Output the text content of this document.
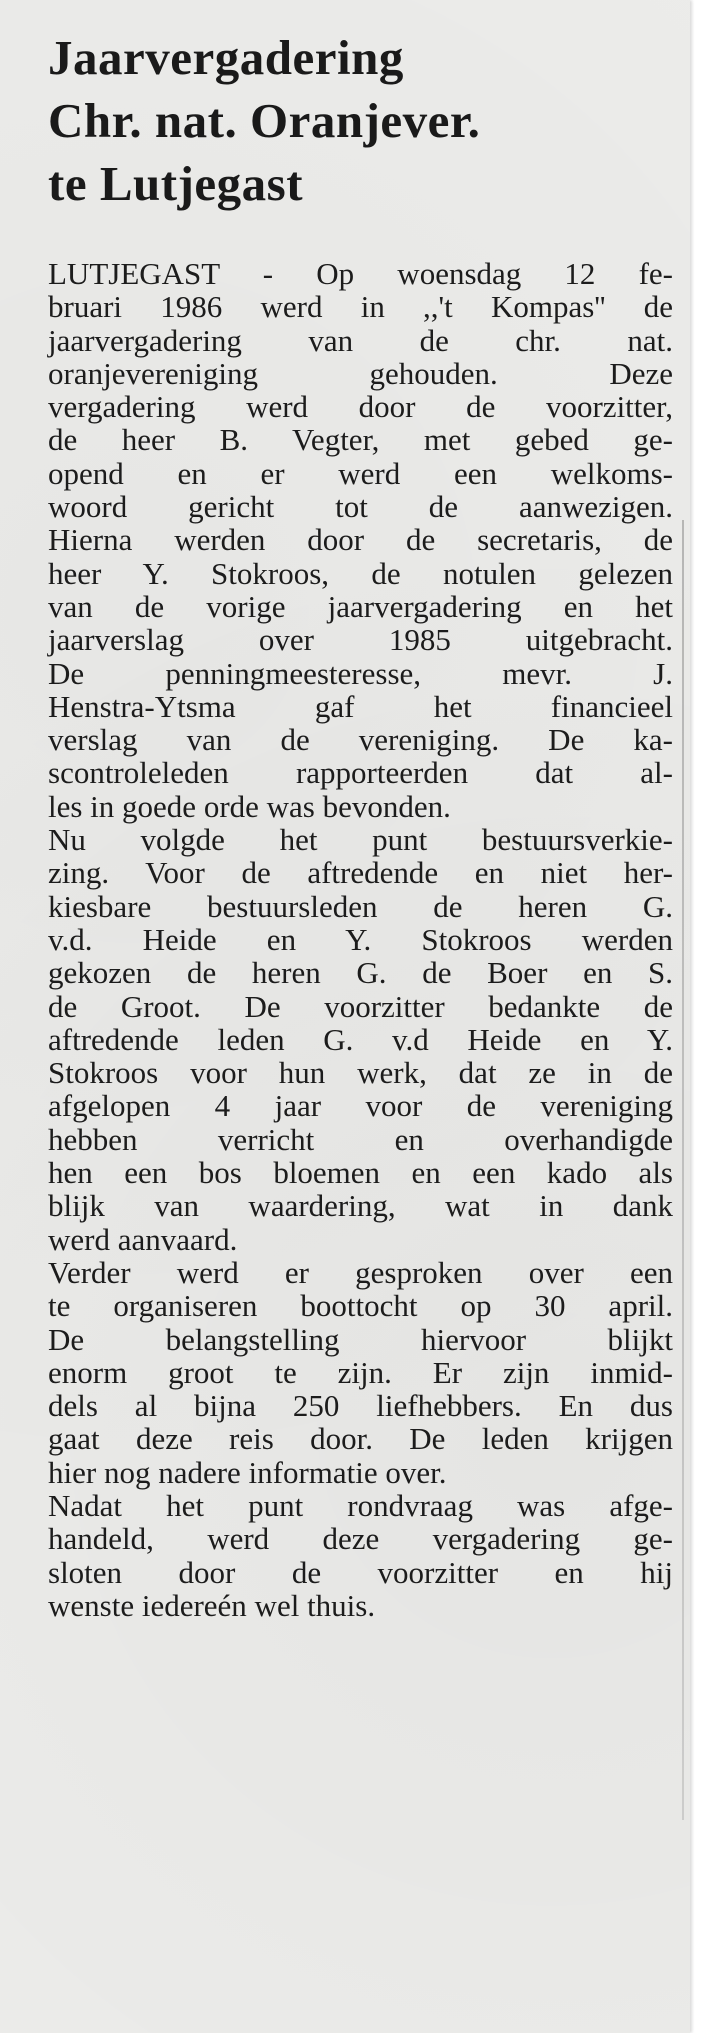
Jaarvergadering
Chr. nat. Oranjever.
te Lutjegast
LUTJEGAST - Op woensdag 12 fe-
bruari 1986 werd in ,,'t Kompas'' de
jaarvergadering van de chr. nat.
oranjevereniging gehouden. Deze
vergadering werd door de voorzitter,
de heer B. Vegter, met gebed ge-
opend en er werd een welkoms-
woord gericht tot de aanwezigen.
Hierna werden door de secretaris, de
heer Y. Stokroos, de notulen gelezen
van de vorige jaarvergadering en het
jaarverslag over 1985 uitgebracht.
De penningmeesteresse, mevr. J.
Henstra-Ytsma gaf het financieel
verslag van de vereniging. De ka-
scontroleleden rapporteerden dat al-
les in goede orde was bevonden.
Nu volgde het punt bestuursverkie-
zing. Voor de aftredende en niet her-
kiesbare bestuursleden de heren G.
v.d. Heide en Y. Stokroos werden
gekozen de heren G. de Boer en S.
de Groot. De voorzitter bedankte de
aftredende leden G. v.d Heide en Y.
Stokroos voor hun werk, dat ze in de
afgelopen 4 jaar voor de vereniging
hebben verricht en overhandigde
hen een bos bloemen en een kado als
blijk van waardering, wat in dank
werd aanvaard.
Verder werd er gesproken over een
te organiseren boottocht op 30 april.
De belangstelling hiervoor blijkt
enorm groot te zijn. Er zijn inmid-
dels al bijna 250 liefhebbers. En dus
gaat deze reis door. De leden krijgen
hier nog nadere informatie over.
Nadat het punt rondvraag was afge-
handeld, werd deze vergadering ge-
sloten door de voorzitter en hij
wenste iedereén wel thuis.
